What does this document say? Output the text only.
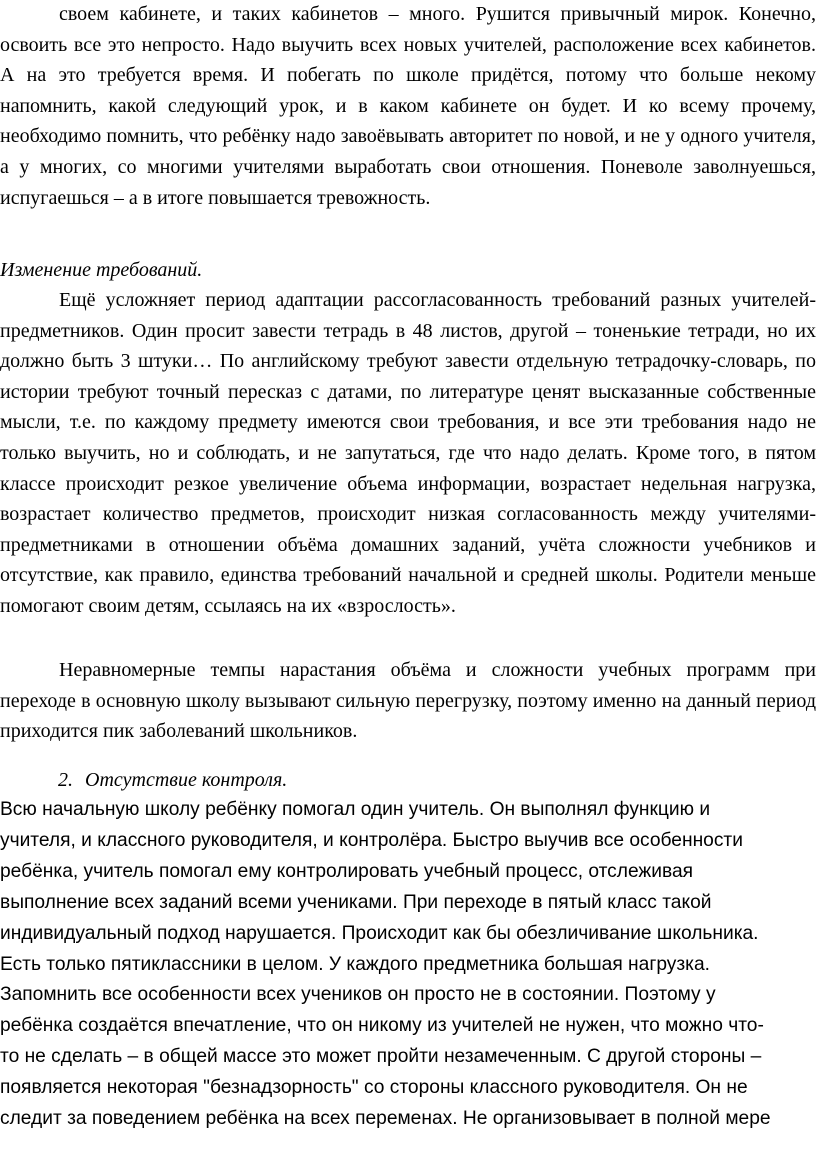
своем кабинете, и таких кабинетов – много. Рушится привычный мирок. Конечно, освоить все это непросто. Надо выучить всех новых учителей, расположение всех кабинетов. А на это требуется время. И побегать по школе придётся, потому что больше некому напомнить, какой следующий урок, и в каком кабинете он будет. И ко всему прочему, необходимо помнить, что ребёнку надо завоёвывать авторитет по новой, и не у одного учителя, а у многих, со многими учителями выработать свои отношения. Поневоле заволнуешься, испугаешься – а в итоге повышается тревожность.

Изменение требований.

Ещё усложняет период адаптации рассогласованность требований разных учителей-предметников. Один просит завести тетрадь в 48 листов, другой – тоненькие тетради, но их должно быть 3 штуки… По английскому требуют завести отдельную тетрадочку-словарь, по истории требуют точный пересказ с датами, по литературе ценят высказанные собственные мысли, т.е. по каждому предмету имеются свои требования, и все эти требования надо не только выучить, но и соблюдать, и не запутаться, где что надо делать. Кроме того, в пятом классе происходит резкое увеличение объема информации, возрастает недельная нагрузка, возрастает количество предметов, происходит низкая согласованность между учителями-предметниками в отношении объёма домашних заданий, учёта сложности учебников и отсутствие, как правило, единства требований начальной и средней школы. Родители меньше помогают своим детям, ссылаясь на их «взрослость».

Неравномерные темпы нарастания объёма и сложности учебных программ при переходе в основную школу вызывают сильную перегрузку, поэтому именно на данный период приходится пик заболеваний школьников.

2. Отсутствие контроля.

Всю начальную школу ребёнку помогал один учитель. Он выполнял функцию и
учителя, и классного руководителя, и контролёра. Быстро выучив все особенности
ребёнка, учитель помогал ему контролировать учебный процесс, отслеживая
выполнение всех заданий всеми учениками. При переходе в пятый класс такой
индивидуальный подход нарушается. Происходит как бы обезличивание школьника.
Есть только пятиклассники в целом. У каждого предметника большая нагрузка.
Запомнить все особенности всех учеников он просто не в состоянии. Поэтому у
ребёнка создаётся впечатление, что он никому из учителей не нужен, что можно что-
то не сделать – в общей массе это может пройти незамеченным. С другой стороны –
появляется некоторая "безнадзорность" со стороны классного руководителя. Он не
следит за поведением ребёнка на всех переменах. Не организовывает в полной мере
